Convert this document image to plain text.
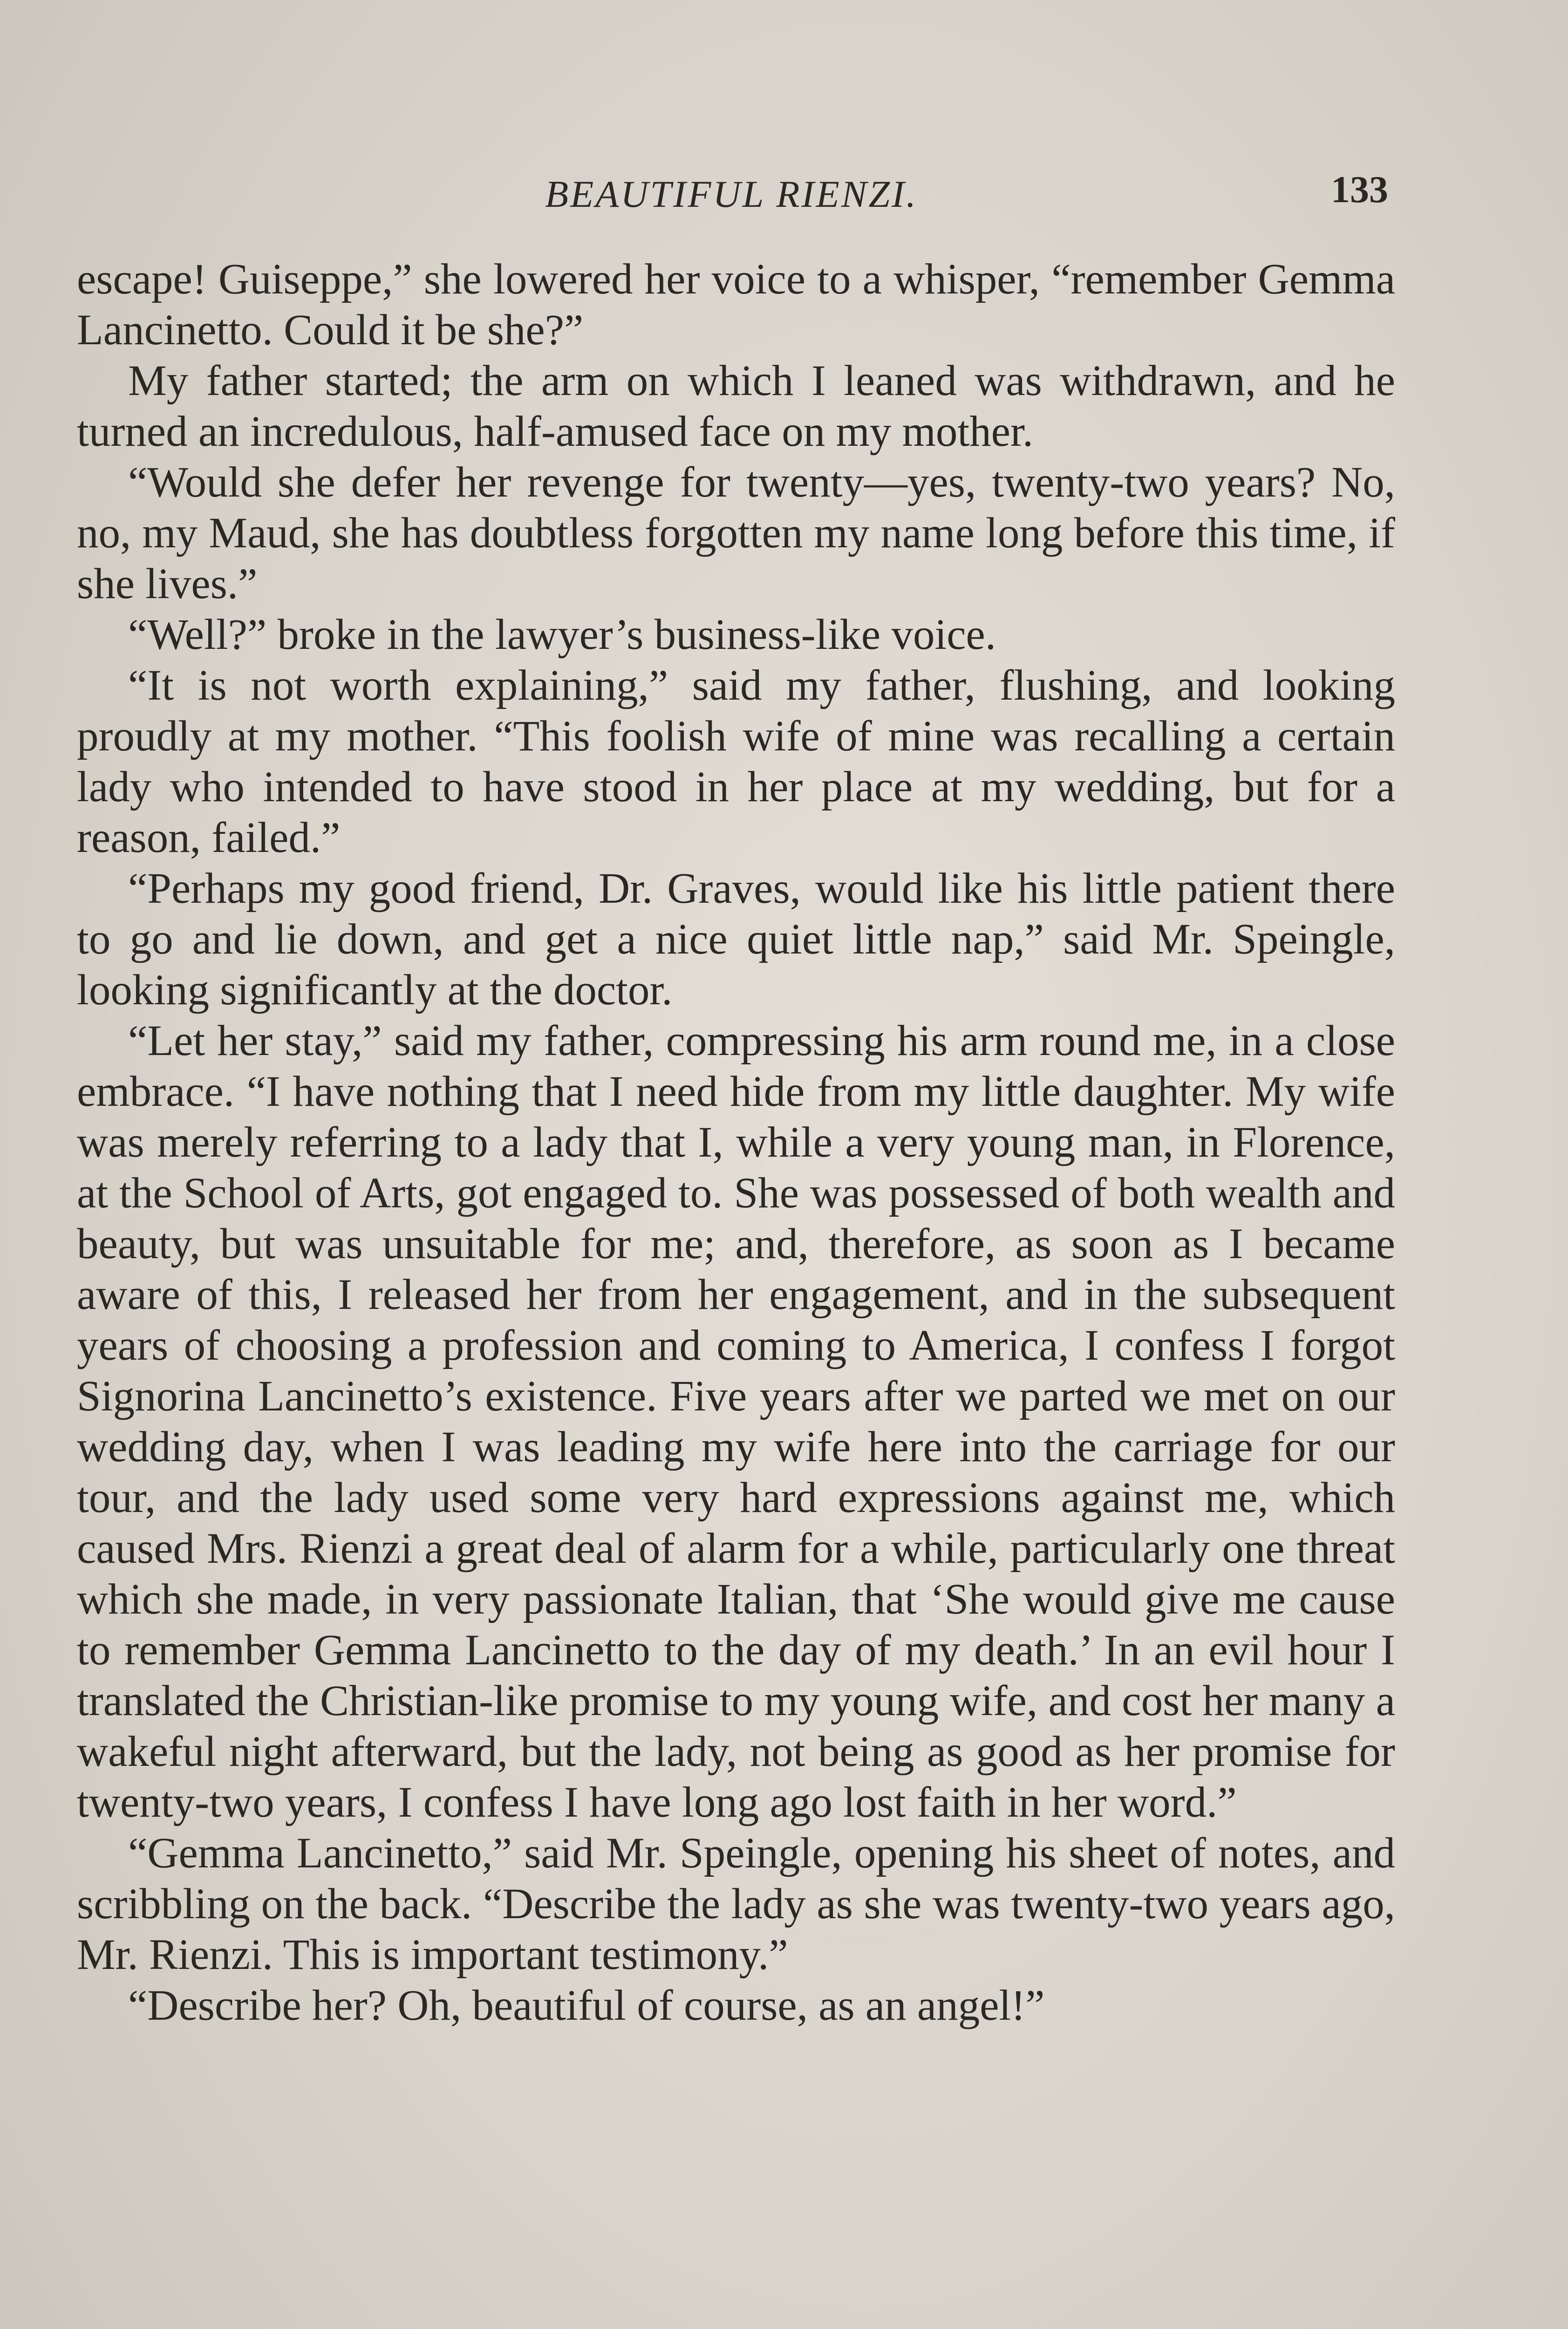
BEAUTIFUL RIENZI.	133

escape! Guiseppe,” she lowered her voice to a whisper, “remember Gemma Lancinetto. Could it be she?”

My father started; the arm on which I leaned was withdrawn, and he turned an incredulous, half-amused face on my mother.

“Would she defer her revenge for twenty—yes, twenty-two years? No, no, my Maud, she has doubtless forgotten my name long before this time, if she lives.”

“Well?” broke in the lawyer’s business-like voice.

“It is not worth explaining,” said my father, flushing, and looking proudly at my mother. “This foolish wife of mine was recalling a certain lady who intended to have stood in her place at my wedding, but for a reason, failed.”

“Perhaps my good friend, Dr. Graves, would like his little patient there to go and lie down, and get a nice quiet little nap,” said Mr. Speingle, looking significantly at the doctor.

“Let her stay,” said my father, compressing his arm round me, in a close embrace. “I have nothing that I need hide from my little daughter. My wife was merely referring to a lady that I, while a very young man, in Florence, at the School of Arts, got engaged to. She was possessed of both wealth and beauty, but was unsuitable for me; and, therefore, as soon as I became aware of this, I released her from her engagement, and in the subsequent years of choosing a profession and coming to America, I confess I forgot Signorina Lancinetto’s existence. Five years after we parted we met on our wedding day, when I was leading my wife here into the carriage for our tour, and the lady used some very hard expressions against me, which caused Mrs. Rienzi a great deal of alarm for a while, particularly one threat which she made, in very passionate Italian, that ‘She would give me cause to remember Gemma Lancinetto to the day of my death.’ In an evil hour I translated the Christian-like promise to my young wife, and cost her many a wakeful night afterward, but the lady, not being as good as her promise for twenty-two years, I confess I have long ago lost faith in her word.”

“Gemma Lancinetto,” said Mr. Speingle, opening his sheet of notes, and scribbling on the back. “Describe the lady as she was twenty-two years ago, Mr. Rienzi. This is important testimony.”

“Describe her? Oh, beautiful of course, as an angel!”
